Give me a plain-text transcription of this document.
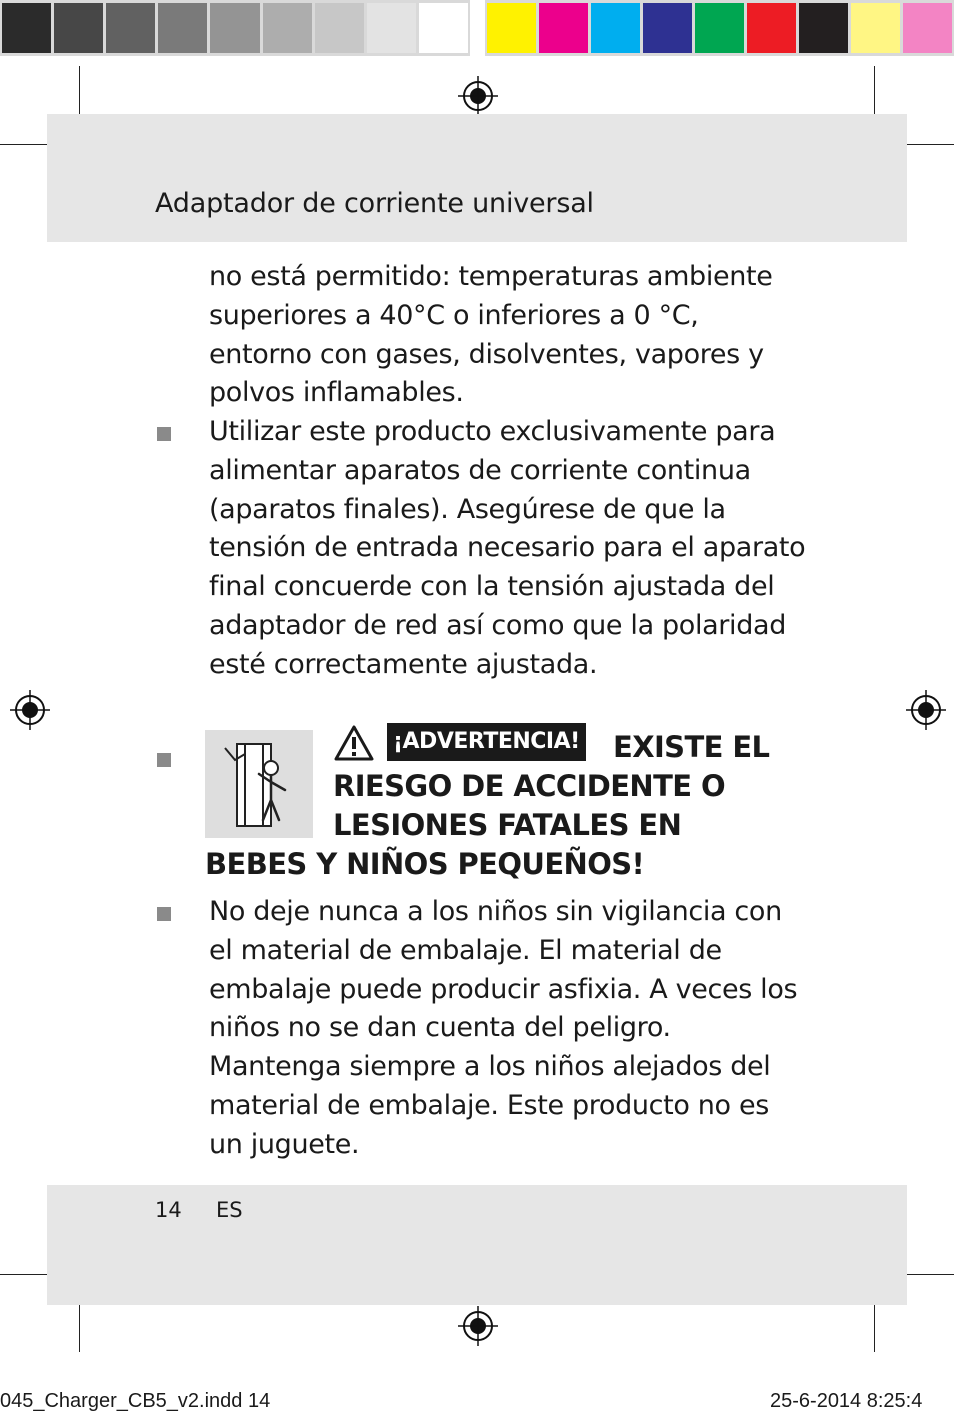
Adaptador de corriente universal
no está permitido: temperaturas ambiente superiores a 40°C o inferiores a 0 °C, entorno con gases, disolventes, vapores y polvos inflamables.
Utilizar este producto exclusivamente para alimentar aparatos de corriente continua (aparatos finales). Asegúrese de que la tensión de entrada necesario para el aparato final concuerde con la tensión ajustada del adaptador de red así como que la polaridad esté correctamente ajustada.
¡ADVERTENCIA! EXISTE EL
RIESGO DE ACCIDENTE O
LESIONES FATALES EN
BEBES Y NIÑOS PEQUEÑOS!
No deje nunca a los niños sin vigilancia con el material de embalaje. El material de embalaje puede producir asfixia. A veces los niños no se dan cuenta del peligro. Mantenga siempre a los niños alejados del material de embalaje. Este producto no es un juguete.
14 ES
045_Charger_CB5_v2.indd 14	25-6-2014 8:25:4
